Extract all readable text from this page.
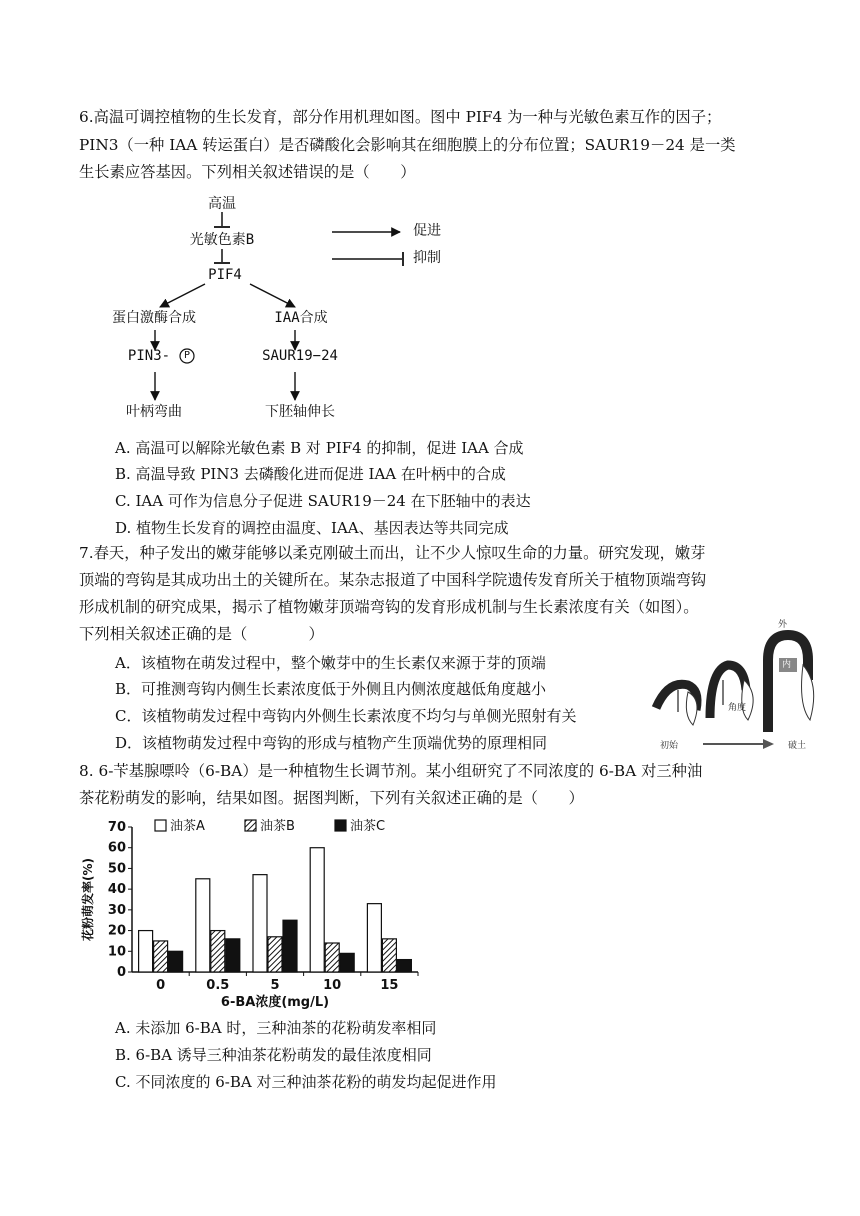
6.高温可调控植物的生长发育，部分作用机理如图。图中 PIF4 为一种与光敏色素互作的因子；
PIN3（一种 IAA 转运蛋白）是否磷酸化会影响其在细胞膜上的分布位置；SAUR19－24 是一类
生长素应答基因。下列相关叙述错误的是（　　）
高温
光敏色素B
PIF4
蛋白激酶合成	IAA合成
PIN3- P	SAUR19−24
叶柄弯曲	下胚轴伸长
促进
抑制
A. 高温可以解除光敏色素 B 对 PIF4 的抑制，促进 IAA 合成
B. 高温导致 PIN3 去磷酸化进而促进 IAA 在叶柄中的合成
C. IAA 可作为信息分子促进 SAUR19－24 在下胚轴中的表达
D. 植物生长发育的调控由温度、IAA、基因表达等共同完成
7.春天，种子发出的嫩芽能够以柔克刚破土而出，让不少人惊叹生命的力量。研究发现，嫩芽
顶端的弯钩是其成功出土的关键所在。某杂志报道了中国科学院遗传发育所关于植物顶端弯钩
形成机制的研究成果，揭示了植物嫩芽顶端弯钩的发育形成机制与生长素浓度有关（如图）。
下列相关叙述正确的是（　　　　）
A．该植物在萌发过程中，整个嫩芽中的生长素仅来源于芽的顶端
B．可推测弯钩内侧生长素浓度低于外侧且内侧浓度越低角度越小
C．该植物萌发过程中弯钩内外侧生长素浓度不均匀与单侧光照射有关
D．该植物萌发过程中弯钩的形成与植物产生顶端优势的原理相同
外
内
角度
初始	破土
8. 6-苄基腺嘌呤（6-BA）是一种植物生长调节剂。某小组研究了不同浓度的 6-BA 对三种油
茶花粉萌发的影响，结果如图。据图判断，下列有关叙述正确的是（　　）
0
10
20
30
40
50
60
70
花粉萌发率(%)
0	0.5	5	10	15
6-BA浓度(mg/L)
油茶A	油茶B	油茶C
A. 未添加 6-BA 时，三种油茶的花粉萌发率相同
B. 6-BA 诱导三种油茶花粉萌发的最佳浓度相同
C. 不同浓度的 6-BA 对三种油茶花粉的萌发均起促进作用
